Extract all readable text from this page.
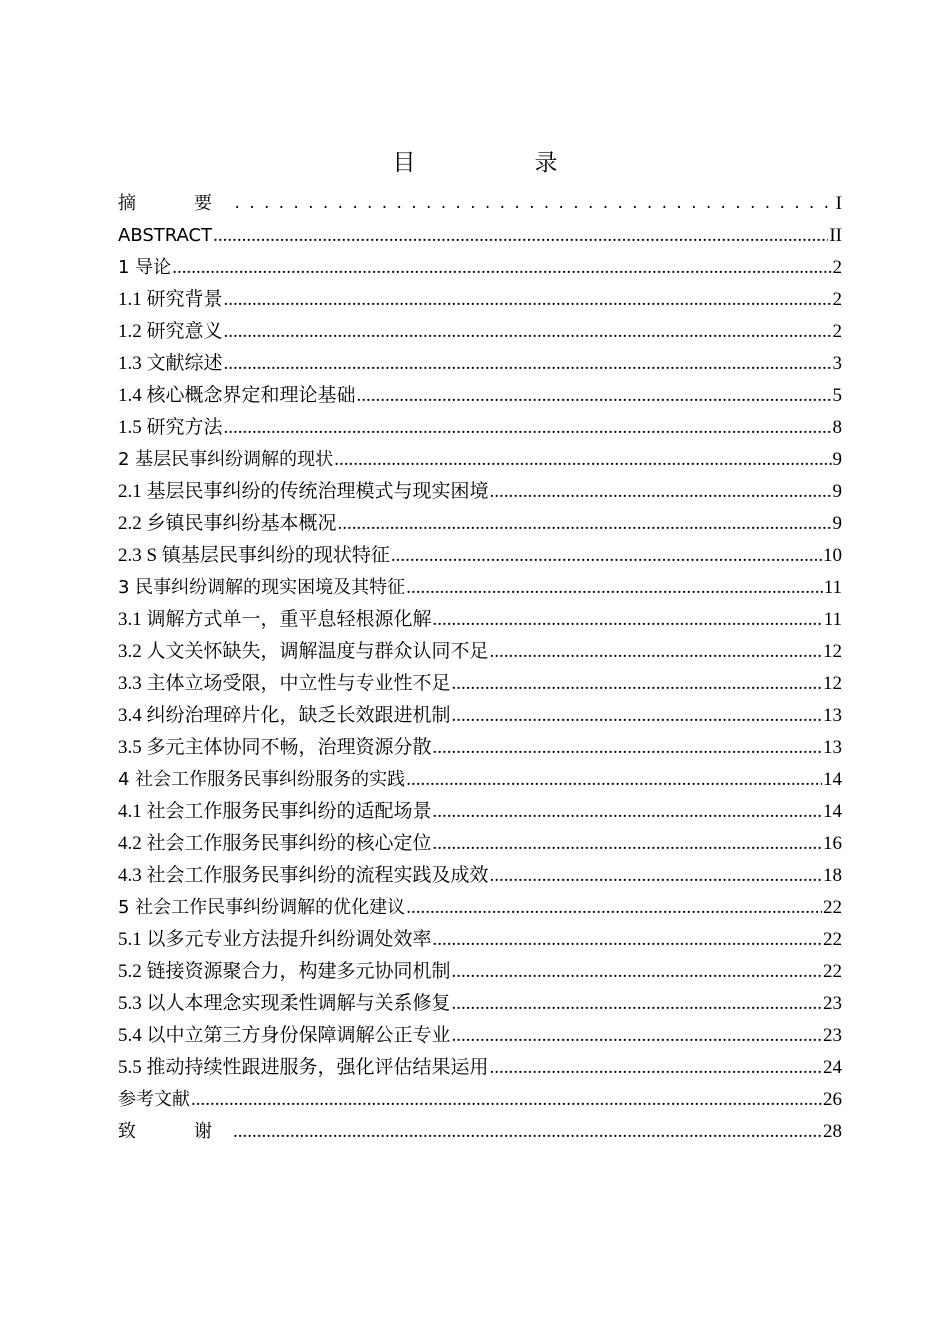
目　录
摘　要 .....	I
ABSTRACT .....	II
1 导论 .....	2
1.1 研究背景 .....	2
1.2 研究意义 .....	2
1.3 文献综述 .....	3
1.4 核心概念界定和理论基础 .....	5
1.5 研究方法 .....	8
2 基层民事纠纷调解的现状 .....	9
2.1 基层民事纠纷的传统治理模式与现实困境 .....	9
2.2 乡镇民事纠纷基本概况 .....	9
2.3 S 镇基层民事纠纷的现状特征 .....	10
3 民事纠纷调解的现实困境及其特征 .....	11
3.1 调解方式单一，重平息轻根源化解 .....	11
3.2 人文关怀缺失，调解温度与群众认同不足 .....	12
3.3 主体立场受限，中立性与专业性不足 .....	12
3.4 纠纷治理碎片化，缺乏长效跟进机制 .....	13
3.5 多元主体协同不畅，治理资源分散 .....	13
4 社会工作服务民事纠纷服务的实践 .....	14
4.1 社会工作服务民事纠纷的适配场景 .....	14
4.2 社会工作服务民事纠纷的核心定位 .....	16
4.3 社会工作服务民事纠纷的流程实践及成效 .....	18
5 社会工作民事纠纷调解的优化建议 .....	22
5.1 以多元专业方法提升纠纷调处效率 .....	22
5.2 链接资源聚合力，构建多元协同机制 .....	22
5.3 以人本理念实现柔性调解与关系修复 .....	23
5.4 以中立第三方身份保障调解公正专业 .....	23
5.5 推动持续性跟进服务，强化评估结果运用 .....	24
参考文献 .....	26
致　谢 .....	28
